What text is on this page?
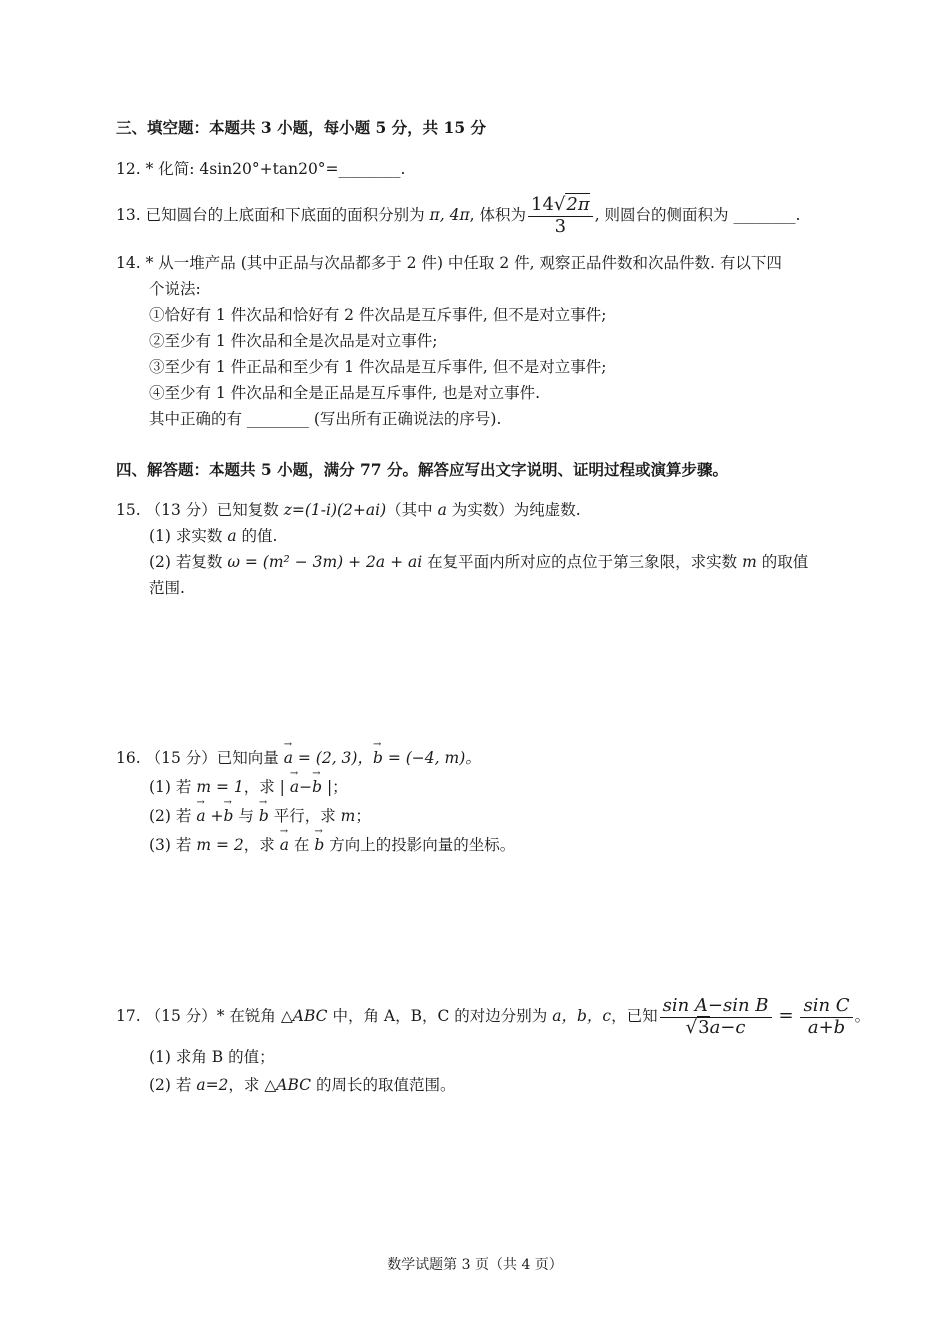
三、填空题：本题共 3 小题，每小题 5 分，共 15 分
12. * 化简: 4sin20°+tan20°=________.
13. 已知圆台的上底面和下底面的面积分别为 π, 4π, 体积为 $\frac{14√2\pi}{3}$ , 则圆台的侧面积为 ________.
14. * 从一堆产品 (其中正品与次品都多于 2 件) 中任取 2 件, 观察正品件数和次品件数. 有以下四
个说法:
①恰好有 1 件次品和恰好有 2 件次品是互斥事件, 但不是对立事件;
②至少有 1 件次品和全是次品是对立事件;
③至少有 1 件正品和至少有 1 件次品是互斥事件, 但不是对立事件;
④至少有 1 件次品和全是正品是互斥事件, 也是对立事件.
其中正确的有 ________ (写出所有正确说法的序号).
四、解答题：本题共 5 小题，满分 77 分。解答应写出文字说明、证明过程或演算步骤。
15. （13 分）已知复数 z=(1-i)(2+ai)（其中 a 为实数）为纯虚数.
(1) 求实数 a 的值.
(2) 若复数 ω = (m² − 3m) + 2a + ai 在复平面内所对应的点位于第三象限，求实数 m 的取值
范围.
16. （15 分）已知向量 → a = (2, 3)，→ b = (−4, m)。
(1) 若 m = 1，求 | → a−→ b |；
(2) 若 → a +→ b 与 → b 平行，求 m；
(3) 若 m = 2，求 → a 在 → b 方向上的投影向量的坐标。
17. （15 分）* 在锐角 △ABC 中，角 A，B，C 的对边分别为 a，b，c，已知 $\frac{\text{sin A−sin B}}{√3a-c} = \frac{\text{sin C}}{a+b}$ 。
(1) 求角 B 的值；
(2) 若 a=2，求 △ABC 的周长的取值范围。
数学试题第 3 页（共 4 页）
